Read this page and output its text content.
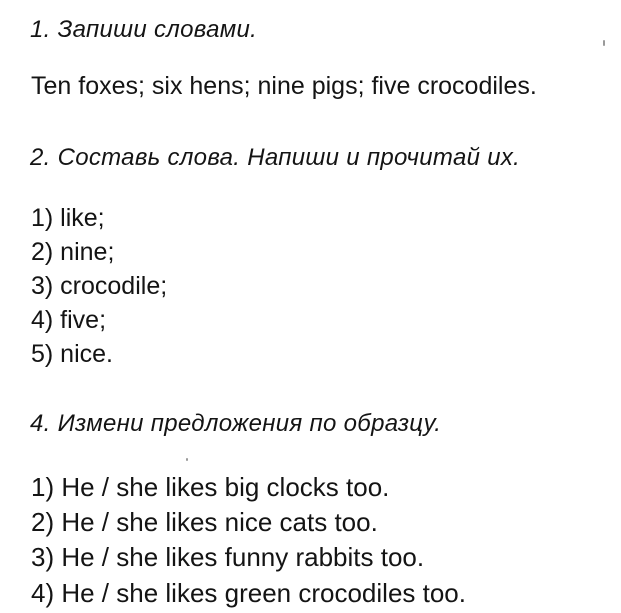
1. Запиши словами.
Ten foxes; six hens; nine pigs; five crocodiles.
2. Составь слова. Напиши и прочитай их.
1) like;
2) nine;
3) crocodile;
4) five;
5) nice.
4. Измени предложения по образцу.
1) He / she likes big clocks too.
2) He / she likes nice cats too.
3) He / she likes funny rabbits too.
4) He / she likes green crocodiles too.
